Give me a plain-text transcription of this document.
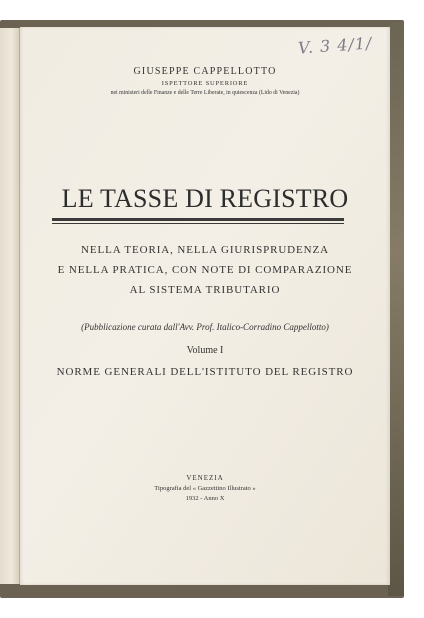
V. 3 4/1/
GIUSEPPE CAPPELLOTTO
ISPETTORE SUPERIORE
nei ministeri delle Finanze e delle Terre Liberate, in quiescenza (Lido di Venezia)
LE TASSE DI REGISTRO
NELLA TEORIA, NELLA GIURISPRUDENZA
E NELLA PRATICA, CON NOTE DI COMPARAZIONE
AL SISTEMA TRIBUTARIO
(Pubblicazione curata dall'Avv. Prof. Italico-Corradino Cappellotto)
Volume I
NORME GENERALI DELL'ISTITUTO DEL REGISTRO
VENEZIA
Tipografia del « Gazzettino Illustrato »
1932 - Anno X
